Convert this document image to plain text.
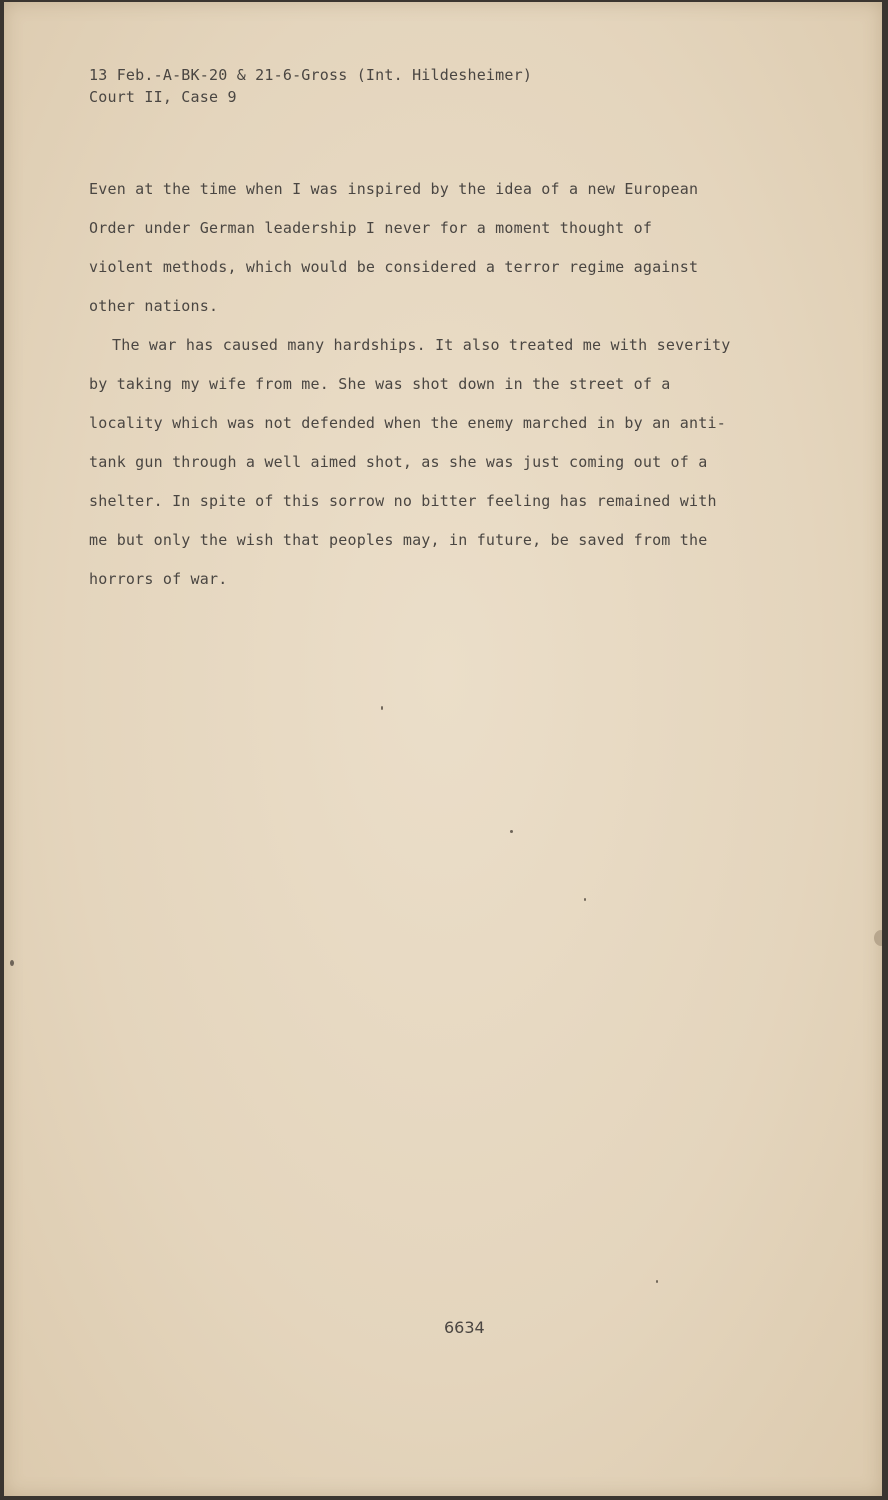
13 Feb.-A-BK-20 & 21-6-Gross (Int. Hildesheimer)
Court II, Case 9
Even at the time when I was inspired by the idea of a new European
Order under German leadership I never for a moment thought of
violent methods, which would be considered a terror regime against
other nations.
The war has caused many hardships. It also treated me with severity
by taking my wife from me. She was shot down in the street of a
locality which was not defended when the enemy marched in by an anti-
tank gun through a well aimed shot, as she was just coming out of a
shelter. In spite of this sorrow no bitter feeling has remained with
me but only the wish that peoples may, in future, be saved from the
horrors of war.
6634
